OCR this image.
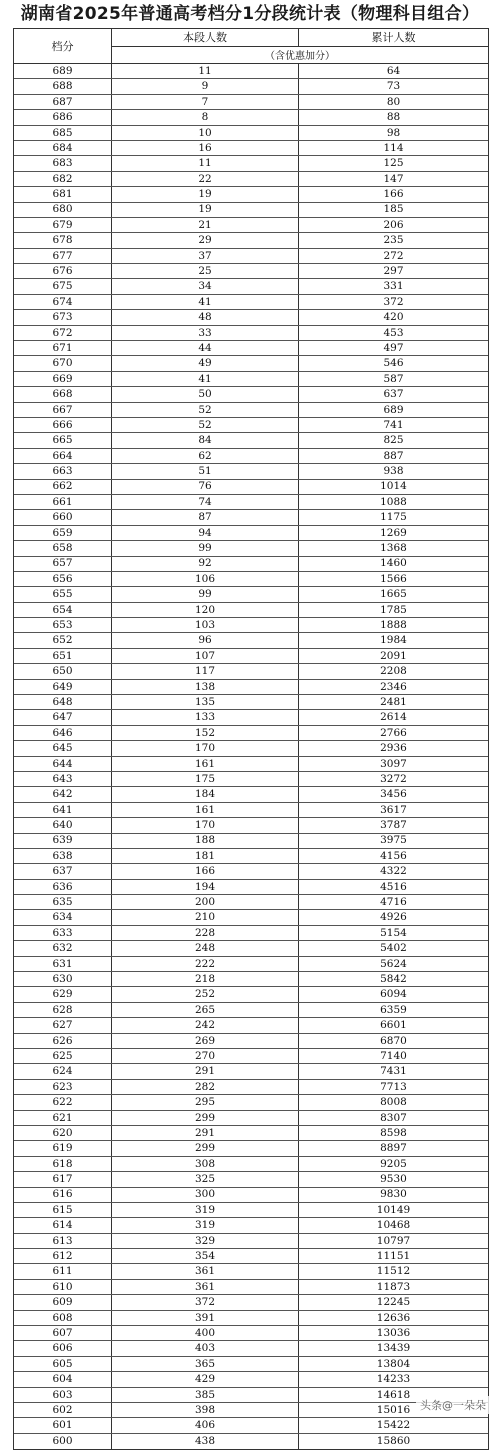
湖南省2025年普通高考档分1分段统计表（物理科目组合）
档分
本段人数	累计人数
（含优惠加分）
689	11	64
688	9	73
687	7	80
686	8	88
685	10	98
684	16	114
683	11	125
682	22	147
681	19	166
680	19	185
679	21	206
678	29	235
677	37	272
676	25	297
675	34	331
674	41	372
673	48	420
672	33	453
671	44	497
670	49	546
669	41	587
668	50	637
667	52	689
666	52	741
665	84	825
664	62	887
663	51	938
662	76	1014
661	74	1088
660	87	1175
659	94	1269
658	99	1368
657	92	1460
656	106	1566
655	99	1665
654	120	1785
653	103	1888
652	96	1984
651	107	2091
650	117	2208
649	138	2346
648	135	2481
647	133	2614
646	152	2766
645	170	2936
644	161	3097
643	175	3272
642	184	3456
641	161	3617
640	170	3787
639	188	3975
638	181	4156
637	166	4322
636	194	4516
635	200	4716
634	210	4926
633	228	5154
632	248	5402
631	222	5624
630	218	5842
629	252	6094
628	265	6359
627	242	6601
626	269	6870
625	270	7140
624	291	7431
623	282	7713
622	295	8008
621	299	8307
620	291	8598
619	299	8897
618	308	9205
617	325	9530
616	300	9830
615	319	10149
614	319	10468
613	329	10797
612	354	11151
611	361	11512
610	361	11873
609	372	12245
608	391	12636
607	400	13036
606	403	13439
605	365	13804
604	429	14233
603	385	14618
602	398	15016
601	406	15422
600	438	15860
头条@一朵朵
